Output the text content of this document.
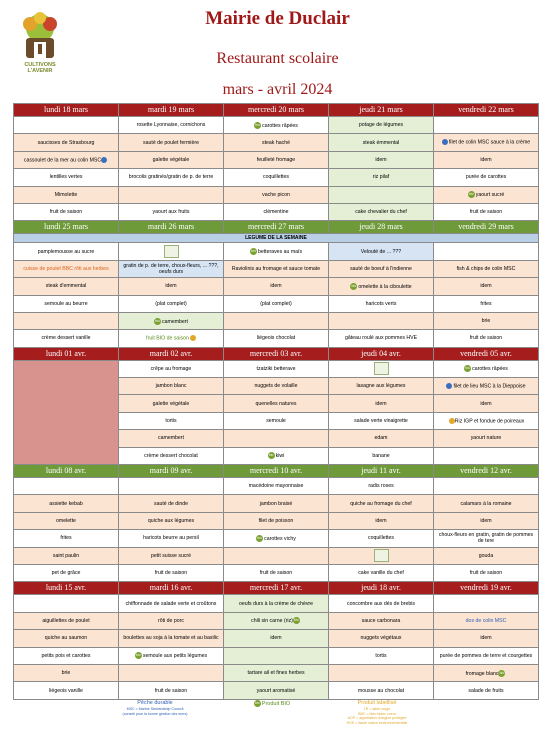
CULTIVONS
L'AVENIR
Mairie de Duclair
Restaurant scolaire
mars - avril 2024
lundi 18 mars	mardi 19 mars	mercredi 20 mars	jeudi 21 mars	vendredi 22 mars
	rosette Lyonnaise, cornichons	bio carottes râpées	potage de légumes	
saucisses de Strasbourg	sauté de poulet fermière	steak haché	steak émmental	filet de colin MSC sauce à la crème
cassoulet de la mer au colin MSC	galette végétale	feuilleté fromage	idem	idem
lentilles vertes	brocolis gratinés/gratin de p. de terre	coquillettes	riz pilaf	purée de carottes
Mimolette		vache picon		bio yaourt sucré
fruit de saison	yaourt aux fruits	clémentine	cake chevalier du chef	fruit de saison
lundi 25 mars	mardi 26 mars	mercredi 27 mars	jeudi 28 mars	vendredi 29 mars
LEGUME DE LA SEMAINE				
pamplemousse au sucre		bio betteraves au maïs	Velouté de ... ???	
cuisse de poulet BBC rôti aux herbes	gratin de p. de terre, choux-fleurs, ... ???, oeufs durs	Raviolinis au fromage et sauce tomate	sauté de boeuf à l'indienne	fish & chips de colin MSC
steak d'emmental	idem	idem	bio omelette à la ciboulette	idem
semoule au beurre	(plat complet)	(plat complet)	haricots verts	frites
	bio camembert			brie
crème dessert vanille	fruit BIO de saison	liégeois chocolat	gâteau roulé aux pommes HVE	fruit de saison
lundi 01 avr.	mardi 02 avr.	mercredi 03 avr.	jeudi 04 avr.	vendredi 05 avr.
	crêpe au fromage	tzatziki betterave		bio carottes râpées
	jambon blanc	nuggets de volaille	lasagne aux légumes	filet de lieu MSC à la Dieppoise
	galette végétale	quenelles natures	idem	idem
	tortis	semoule	salade verte vinaigrette	Riz IGP et fondue de poireaux
	camembert		edam	yaourt nature
	crème dessert chocolat	bio kiwi	banane	
lundi 08 avr.	mardi 09 avr.	mercredi 10 avr.	jeudi 11 avr.	vendredi 12 avr.
		macédoine mayonnaise	radis roses	
assiette kebab	sauté de dinde	jambon braisé	quiche au fromage du chef	calamars à la romaine
omelette	quiche aux légumes	filet de poisson	idem	idem
frites	haricots beurre au persil	bio carottes vichy	coquillettes	choux-fleurs en gratin, gratin de pommes de tere
saint paulin	petit suisse sucré			gouda
pet de grâce	fruit de saison	fruit de saison	cake vanille du chef	fruit de saison
lundi 15 avr.	mardi 16 avr.	mercredi 17 avr.	jeudi 18 avr.	vendredi 19 avr.
	chiffonnade de salade verte et croûtons	oeufs durs à la crème de chèvre	concombre aux dés de brebis	
aiguillettes de poulet	rôti de porc	chili sin carne (riz)bio	sauce carbonara	dos de colin MSC
quiche au saumon	boulettes au soja à la tomate et au basilic	idem	nuggets végétaux	idem
petits pois et carottes	bio semoule aux petits légumes		tortis	purée de pommes de terre et courgettes
brie		tartare ail et fines herbes		fromage blancbio
liégeois vanille	fruit de saison	yaourt aromatisé	mousse au chocolat	salade de fruits
Pêche durable
MSC = Marine Stewardship Council
(conseil pour la bonne gestion des mers)
bio Produit BIO	Produit labellisé
LR = label rouge
BBC = bleu blanc coeur
AOP = appellation d'origine protégée
HVE = haute valeur environnementale
